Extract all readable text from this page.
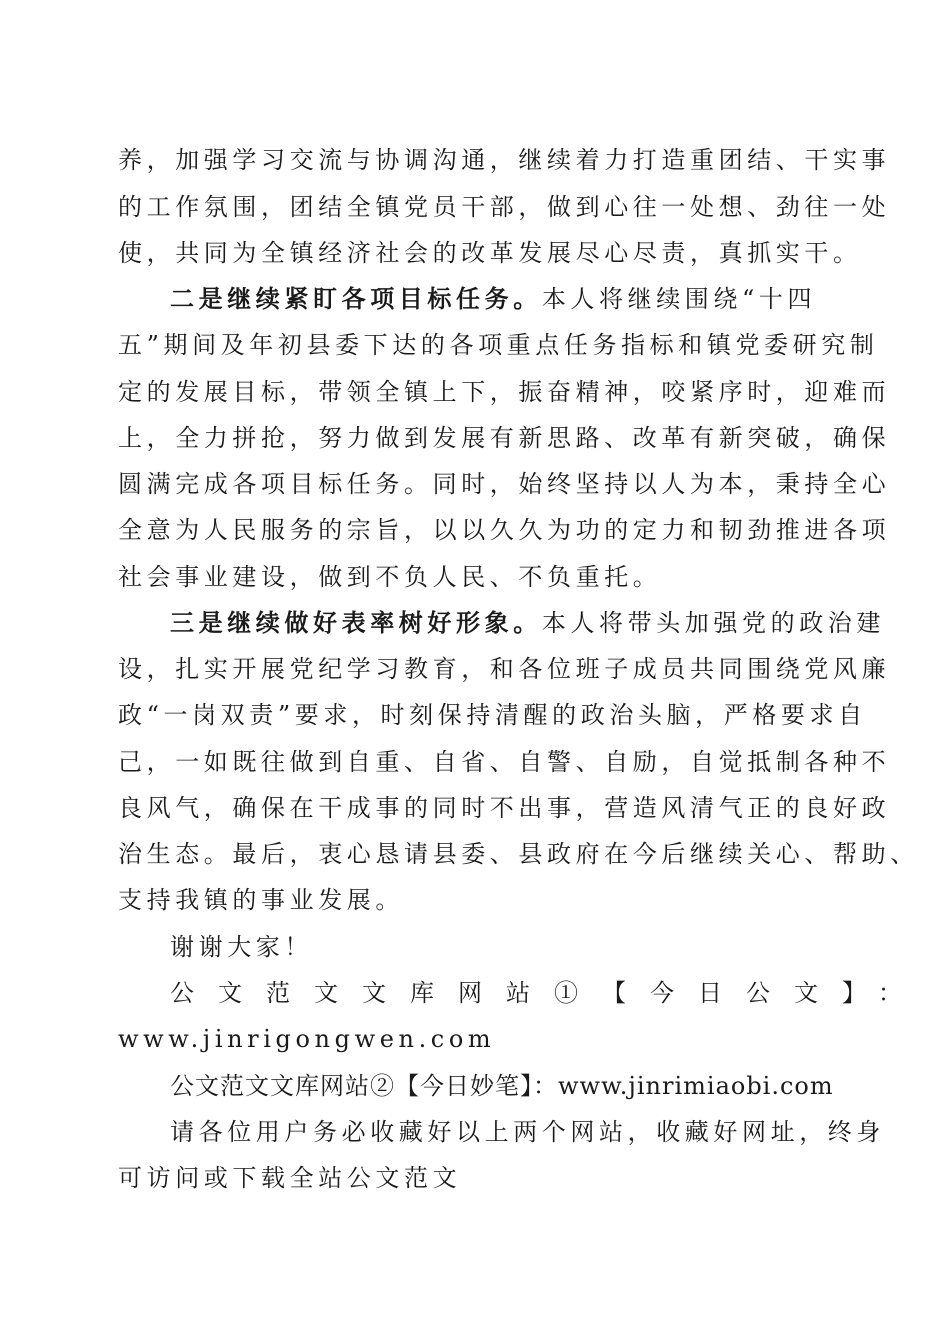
养，加强学习交流与协调沟通，继续着力打造重团结、干实事
的工作氛围，团结全镇党员干部，做到心往一处想、劲往一处
使，共同为全镇经济社会的改革发展尽心尽责，真抓实干。
二是继续紧盯各项目标任务。本人将继续围绕“十四
五”期间及年初县委下达的各项重点任务指标和镇党委研究制
定的发展目标，带领全镇上下，振奋精神，咬紧序时，迎难而
上，全力拼抢，努力做到发展有新思路、改革有新突破，确保
圆满完成各项目标任务。同时，始终坚持以人为本，秉持全心
全意为人民服务的宗旨，以以久久为功的定力和韧劲推进各项
社会事业建设，做到不负人民、不负重托。
三是继续做好表率树好形象。本人将带头加强党的政治建
设，扎实开展党纪学习教育，和各位班子成员共同围绕党风廉
政“一岗双责”要求，时刻保持清醒的政治头脑，严格要求自
己，一如既往做到自重、自省、自警、自励，自觉抵制各种不
良风气，确保在干成事的同时不出事，营造风清气正的良好政
治生态。最后，衷心恳请县委、县政府在今后继续关心、帮助、
支持我镇的事业发展。
谢谢大家！
公文范文文库网站①【今日公文】：
www.jinrigongwen.com
公文范文文库网站②【今日妙笔】：www.jinrimiaobi.com
请各位用户务必收藏好以上两个网站，收藏好网址，终身
可访问或下载全站公文范文
